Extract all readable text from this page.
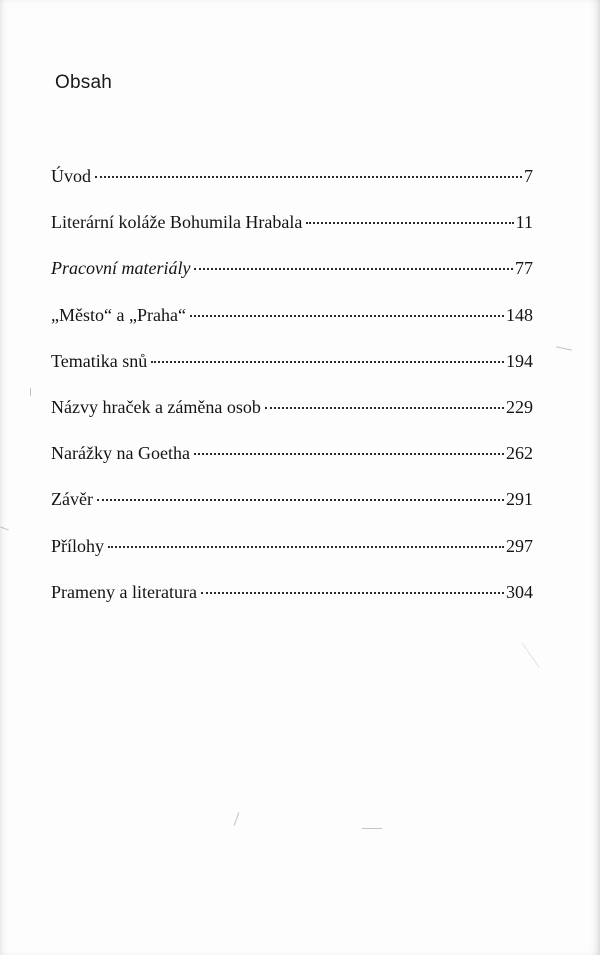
Obsah
Úvod	7
Literární koláže Bohumila Hrabala	11
Pracovní materiály	77
„Město“ a „Praha“	148
Tematika snů	194
Názvy hraček a záměna osob	229
Narážky na Goetha	262
Závěr	291
Přílohy	297
Prameny a literatura	304
